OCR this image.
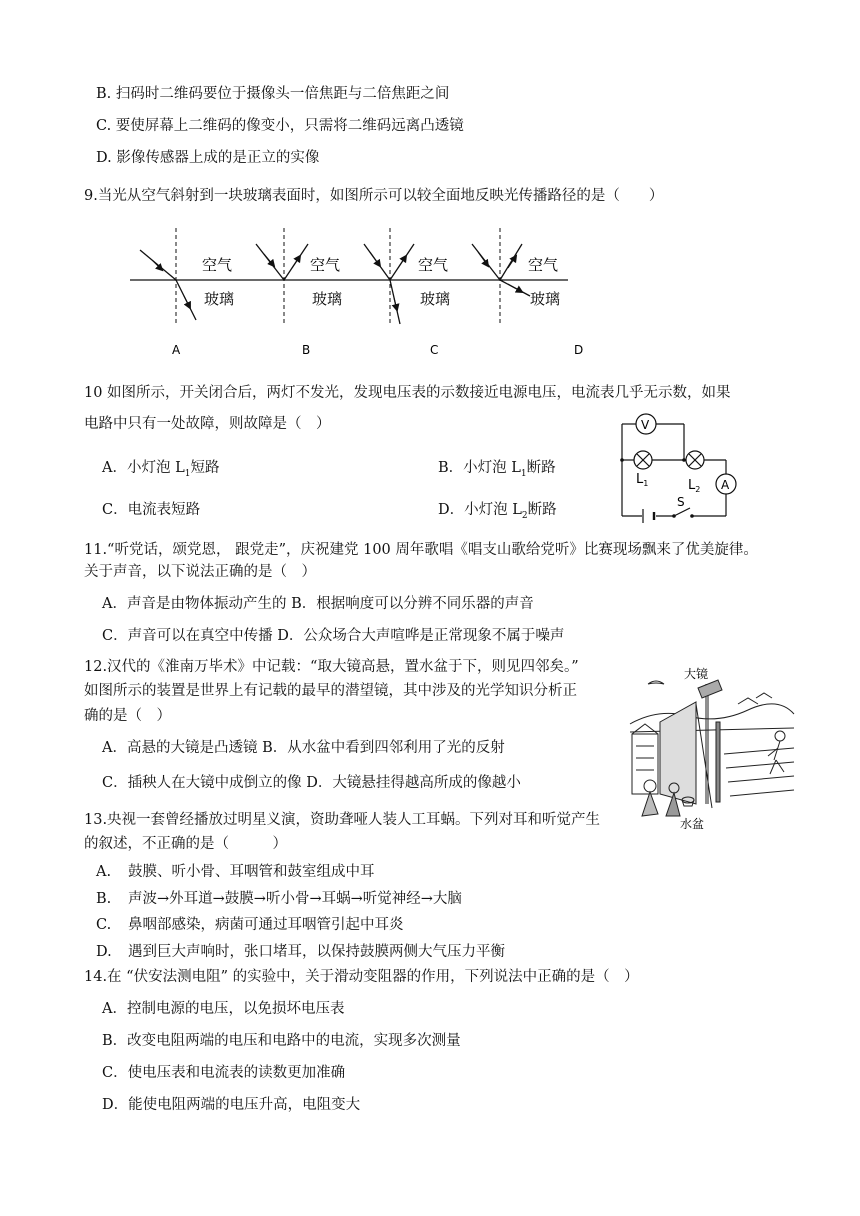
B. 扫码时二维码要位于摄像头一倍焦距与二倍焦距之间
C. 要使屏幕上二维码的像变小，只需将二维码远离凸透镜
D. 影像传感器上成的是正立的实像
9.当光从空气斜射到一块玻璃表面时，如图所示可以较全面地反映光传播路径的是（　　）
空气
玻璃
空气
玻璃
空气
玻璃
空气
玻璃
A	B	C	D
10 如图所示，开关闭合后，两灯不发光，发现电压表的示数接近电源电压，电流表几乎无示数，如果
电路中只有一处故障，则故障是（　）
A．小灯泡 $L_1$短路	B．小灯泡 $L_1$断路
C．电流表短路	D．小灯泡 $L_2$断路
V
A
$L_1$	$L_2$
S
11.“听党话，颂党恩， 跟党走”，庆祝建党 100 周年歌唱《唱支山歌给党听》比赛现场飘来了优美旋律。
关于声音，以下说法正确的是（　）
A．声音是由物体振动产生的 B．根据响度可以分辨不同乐器的声音
C．声音可以在真空中传播 D．公众场合大声喧哗是正常现象不属于噪声
12.汉代的《淮南万毕术》中记载：“取大镜高悬，置水盆于下，则见四邻矣。”
如图所示的装置是世界上有记载的最早的潜望镜，其中涉及的光学知识分析正
确的是（　）
A．高悬的大镜是凸透镜 B．从水盆中看到四邻利用了光的反射
C．插秧人在大镜中成倒立的像 D．大镜悬挂得越高所成的像越小
大镜
水盆
13.央视一套曾经播放过明星义演，资助聋哑人装人工耳蜗。下列对耳和听觉产生
的叙述，不正确的是（　　　）
A. 鼓膜、听小骨、耳咽管和鼓室组成中耳
B. 声波→外耳道→鼓膜→听小骨→耳蜗→听觉神经→大脑
C. 鼻咽部感染，病菌可通过耳咽管引起中耳炎
D. 遇到巨大声响时，张口堵耳，以保持鼓膜两侧大气压力平衡
14.在 “伏安法测电阻” 的实验中，关于滑动变阻器的作用，下列说法中正确的是（　）
A．控制电源的电压，以免损坏电压表
B．改变电阻两端的电压和电路中的电流，实现多次测量
C．使电压表和电流表的读数更加准确
D．能使电阻两端的电压升高，电阻变大
